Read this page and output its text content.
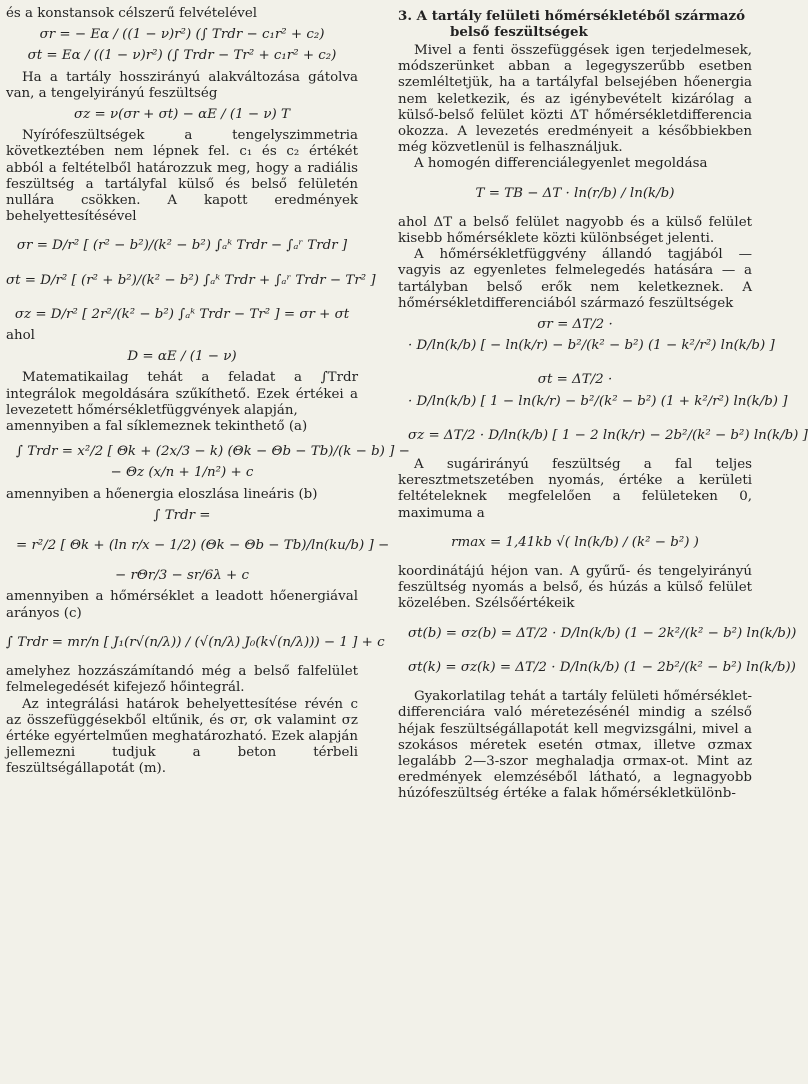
és a konstansok célszerű felvételével

σr = − Eα / ((1 − ν)r²) (∫ Trdr − c₁r² + c₂)
σt = Eα / ((1 − ν)r²) (∫ Trdr − Tr² + c₁r² + c₂)

Ha a tartály hosszirányú alakváltozása gátolva van, a tengelyirányú feszültség

σz = ν(σr + σt) − αE / (1 − ν) T

Nyírófeszültségek a tengelyszimmetria következtében nem lépnek fel. c₁ és c₂ értékét abból a feltételből határozzuk meg, hogy a radiális feszültség a tartályfal külső és belső felületén nullára csökken. A kapott eredmények behelyettesítésével

σr = D/r² [ (r² − b²)/(k² − b²) ∫ₐᵏ Trdr − ∫ₐʳ Trdr ]
σt = D/r² [ (r² + b²)/(k² − b²) ∫ₐᵏ Trdr + ∫ₐʳ Trdr − Tr² ]
σz = D/r² [ 2r²/(k² − b²) ∫ₐᵏ Trdr − Tr² ] = σr + σt

ahol

D = αE / (1 − ν)

Matematikailag tehát a feladat a ∫Trdr integrálok megoldására szűkíthető. Ezek értékei a levezetett hőmérsékletfüggvények alapján,

amennyiben a fal síklemeznek tekinthető (a)

∫ Trdr = x²/2 [ Θk + (2x/3 − k) (Θk − Θb − Tb)/(k − b) ] −
− Θz (x/n + 1/n²) + c

amennyiben a hőenergia eloszlása lineáris (b)

∫ Trdr =
= r²/2 [ Θk + (ln r/x − 1/2) (Θk − Θb − Tb)/ln(ku/b) ] −
− rΘr/3 − sr/6λ + c

amennyiben a hőmérséklet a leadott hőenergiával arányos (c)

∫ Trdr = mr/n [ J₁(r√(n/λ)) / (√(n/λ) J₀(k√(n/λ))) − 1 ] + c

amelyhez hozzászámítandó még a belső falfelület felmelegedését kifejező hőintegrál.

Az integrálási határok behelyettesítése révén c az összefüggésekből eltűnik, és σr, σk valamint σz értéke egyértelműen meghatározható. Ezek alapján jellemezni tudjuk a beton térbeli feszültségállapotát (m).

3. A tartály felületi hőmérsékletéből származó
belső feszültségek

Mivel a fenti összefüggések igen terjedelmesek, módszerünket abban a legegyszerűbb esetben szemléltetjük, ha a tartályfal belsejében hőenergia nem keletkezik, és az igénybevételt kizárólag a külső-belső felület közti ΔT hőmérsékletdifferencia okozza. A levezetés eredményeit a későbbiekben még közvetlenül is felhasználjuk.

A homogén differenciálegyenlet megoldása

T = TB − ΔT · ln(r/b) / ln(k/b)

ahol ΔT a belső felület nagyobb és a külső felület kisebb hőmérséklete közti különbséget jelenti.

A hőmérsékletfüggvény állandó tagjából — vagyis az egyenletes felmelegedés hatására — a tartályban belső erők nem keletkeznek. A hőmérsékletdifferenciából származó feszültségek

σr = ΔT/2 ·
· D/ln(k/b) [ − ln(k/r) − b²/(k² − b²) (1 − k²/r²) ln(k/b) ]
σt = ΔT/2 ·
· D/ln(k/b) [ 1 − ln(k/r) − b²/(k² − b²) (1 + k²/r²) ln(k/b) ]
σz = ΔT/2 · D/ln(k/b) [ 1 − 2 ln(k/r) − 2b²/(k² − b²) ln(k/b) ]

A sugárirányú feszültség a fal teljes keresztmetszetében nyomás, értéke a kerületi feltételeknek megfelelően a felületeken 0, maximuma a

rmax = 1,41kb √( ln(k/b) / (k² − b²) )

koordinátájú héjon van. A gyűrű- és tengelyirányú feszültség nyomás a belső, és húzás a külső felület közelében. Szélsőértékeik

σt(b) = σz(b) = ΔT/2 · D/ln(k/b) (1 − 2k²/(k² − b²) ln(k/b))
σt(k) = σz(k) = ΔT/2 · D/ln(k/b) (1 − 2b²/(k² − b²) ln(k/b))

Gyakorlatilag tehát a tartály felületi hőmérséklet-differenciára való méretezésénél mindig a szélső héjak feszültségállapotát kell megvizsgálni, mivel a szokásos méretek esetén σtmax, illetve σzmax legalább 2—3-szor meghaladja σrmax-ot. Mint az eredmények elemzéséből látható, a legnagyobb húzófeszültség értéke a falak hőmérsékletkülönb-
